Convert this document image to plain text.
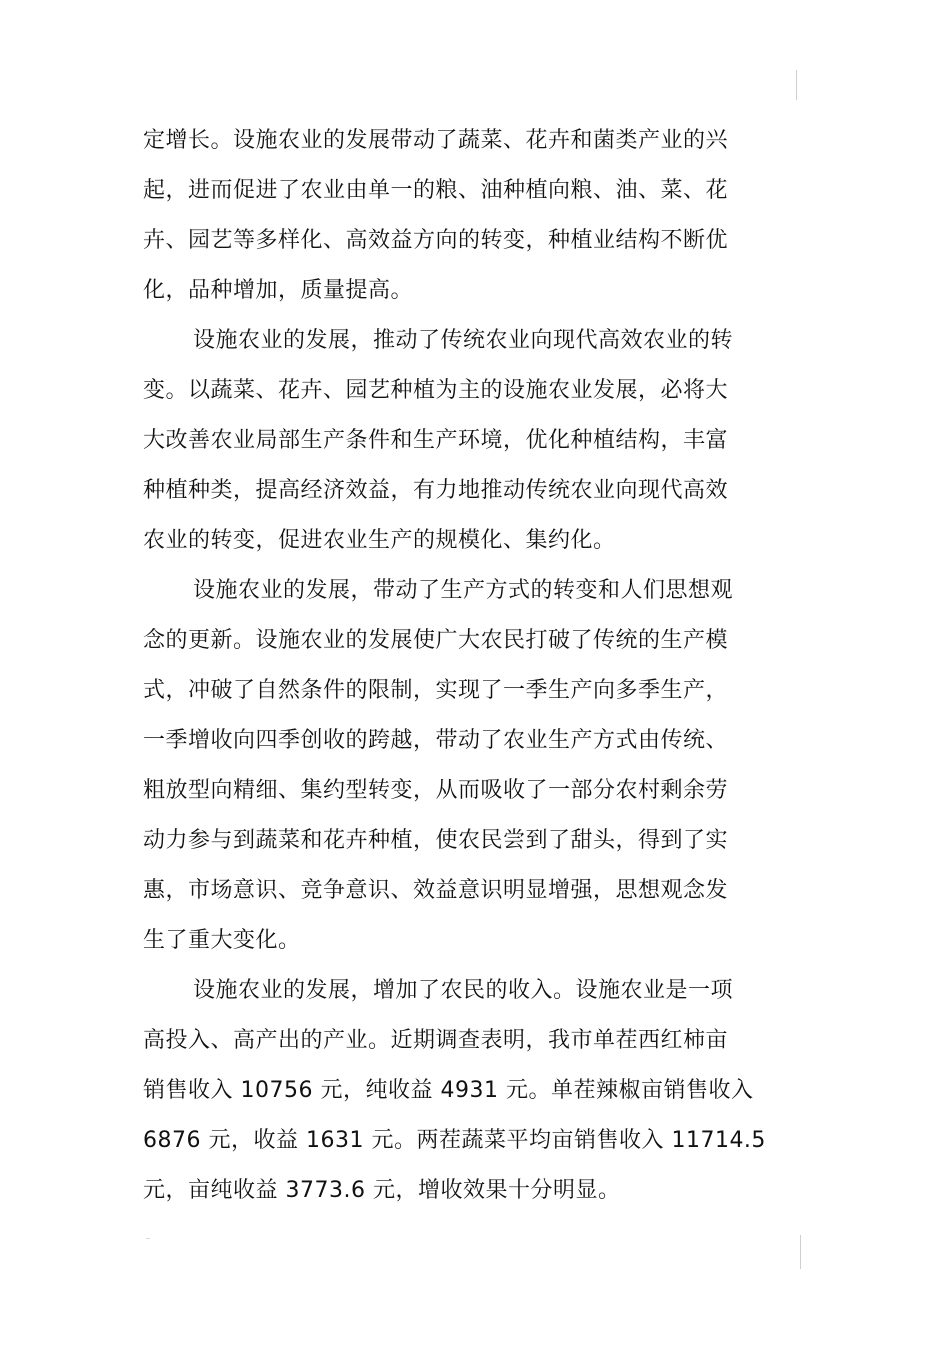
定增长。设施农业的发展带动了蔬菜、花卉和菌类产业的兴
起，进而促进了农业由单一的粮、油种植向粮、油、菜、花
卉、园艺等多样化、高效益方向的转变，种植业结构不断优
化，品种增加，质量提高。
设施农业的发展，推动了传统农业向现代高效农业的转
变。以蔬菜、花卉、园艺种植为主的设施农业发展，必将大
大改善农业局部生产条件和生产环境，优化种植结构，丰富
种植种类，提高经济效益，有力地推动传统农业向现代高效
农业的转变，促进农业生产的规模化、集约化。
设施农业的发展，带动了生产方式的转变和人们思想观
念的更新。设施农业的发展使广大农民打破了传统的生产模
式，冲破了自然条件的限制，实现了一季生产向多季生产，
一季增收向四季创收的跨越，带动了农业生产方式由传统、
粗放型向精细、集约型转变，从而吸收了一部分农村剩余劳
动力参与到蔬菜和花卉种植，使农民尝到了甜头，得到了实
惠，市场意识、竞争意识、效益意识明显增强，思想观念发
生了重大变化。
设施农业的发展，增加了农民的收入。设施农业是一项
高投入、高产出的产业。近期调查表明，我市单茬西红柿亩
销售收入 10756 元，纯收益 4931 元。单茬辣椒亩销售收入
6876 元，收益 1631 元。两茬蔬菜平均亩销售收入 11714.5
元，亩纯收益 3773.6 元，增收效果十分明显。
